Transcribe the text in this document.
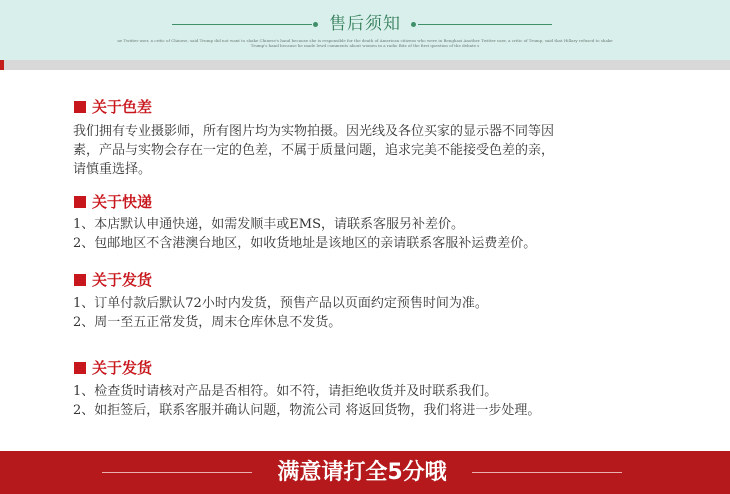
售后须知
ne Twitter user, a critic of Chinese, said Trump did not want to shake Chinese's hand because she is responsible for the death of American citizens who were in Benghazi Another Twitter user, a critic of Trump, said that Hillary refused to shake Trump's hand because he made lewd comments about women in a radio Bitz of the first question of the debate s
关于色差
我们拥有专业摄影师，所有图片均为实物拍摄。因光线及各位买家的显示器不同等因
素，产品与实物会存在一定的色差，不属于质量问题，追求完美不能接受色差的亲，
请慎重选择。
关于快递
1、本店默认申通快递，如需发顺丰或EMS，请联系客服另补差价。
2、包邮地区不含港澳台地区，如收货地址是该地区的亲请联系客服补运费差价。
关于发货
1、订单付款后默认72小时内发货，预售产品以页面约定预售时间为准。
2、周一至五正常发货，周末仓库休息不发货。
关于发货
1、检查货时请核对产品是否相符。如不符，请拒绝收货并及时联系我们。
2、如拒签后，联系客服并确认问题，物流公司 将返回货物，我们将进一步处理。
满意请打全5分哦
